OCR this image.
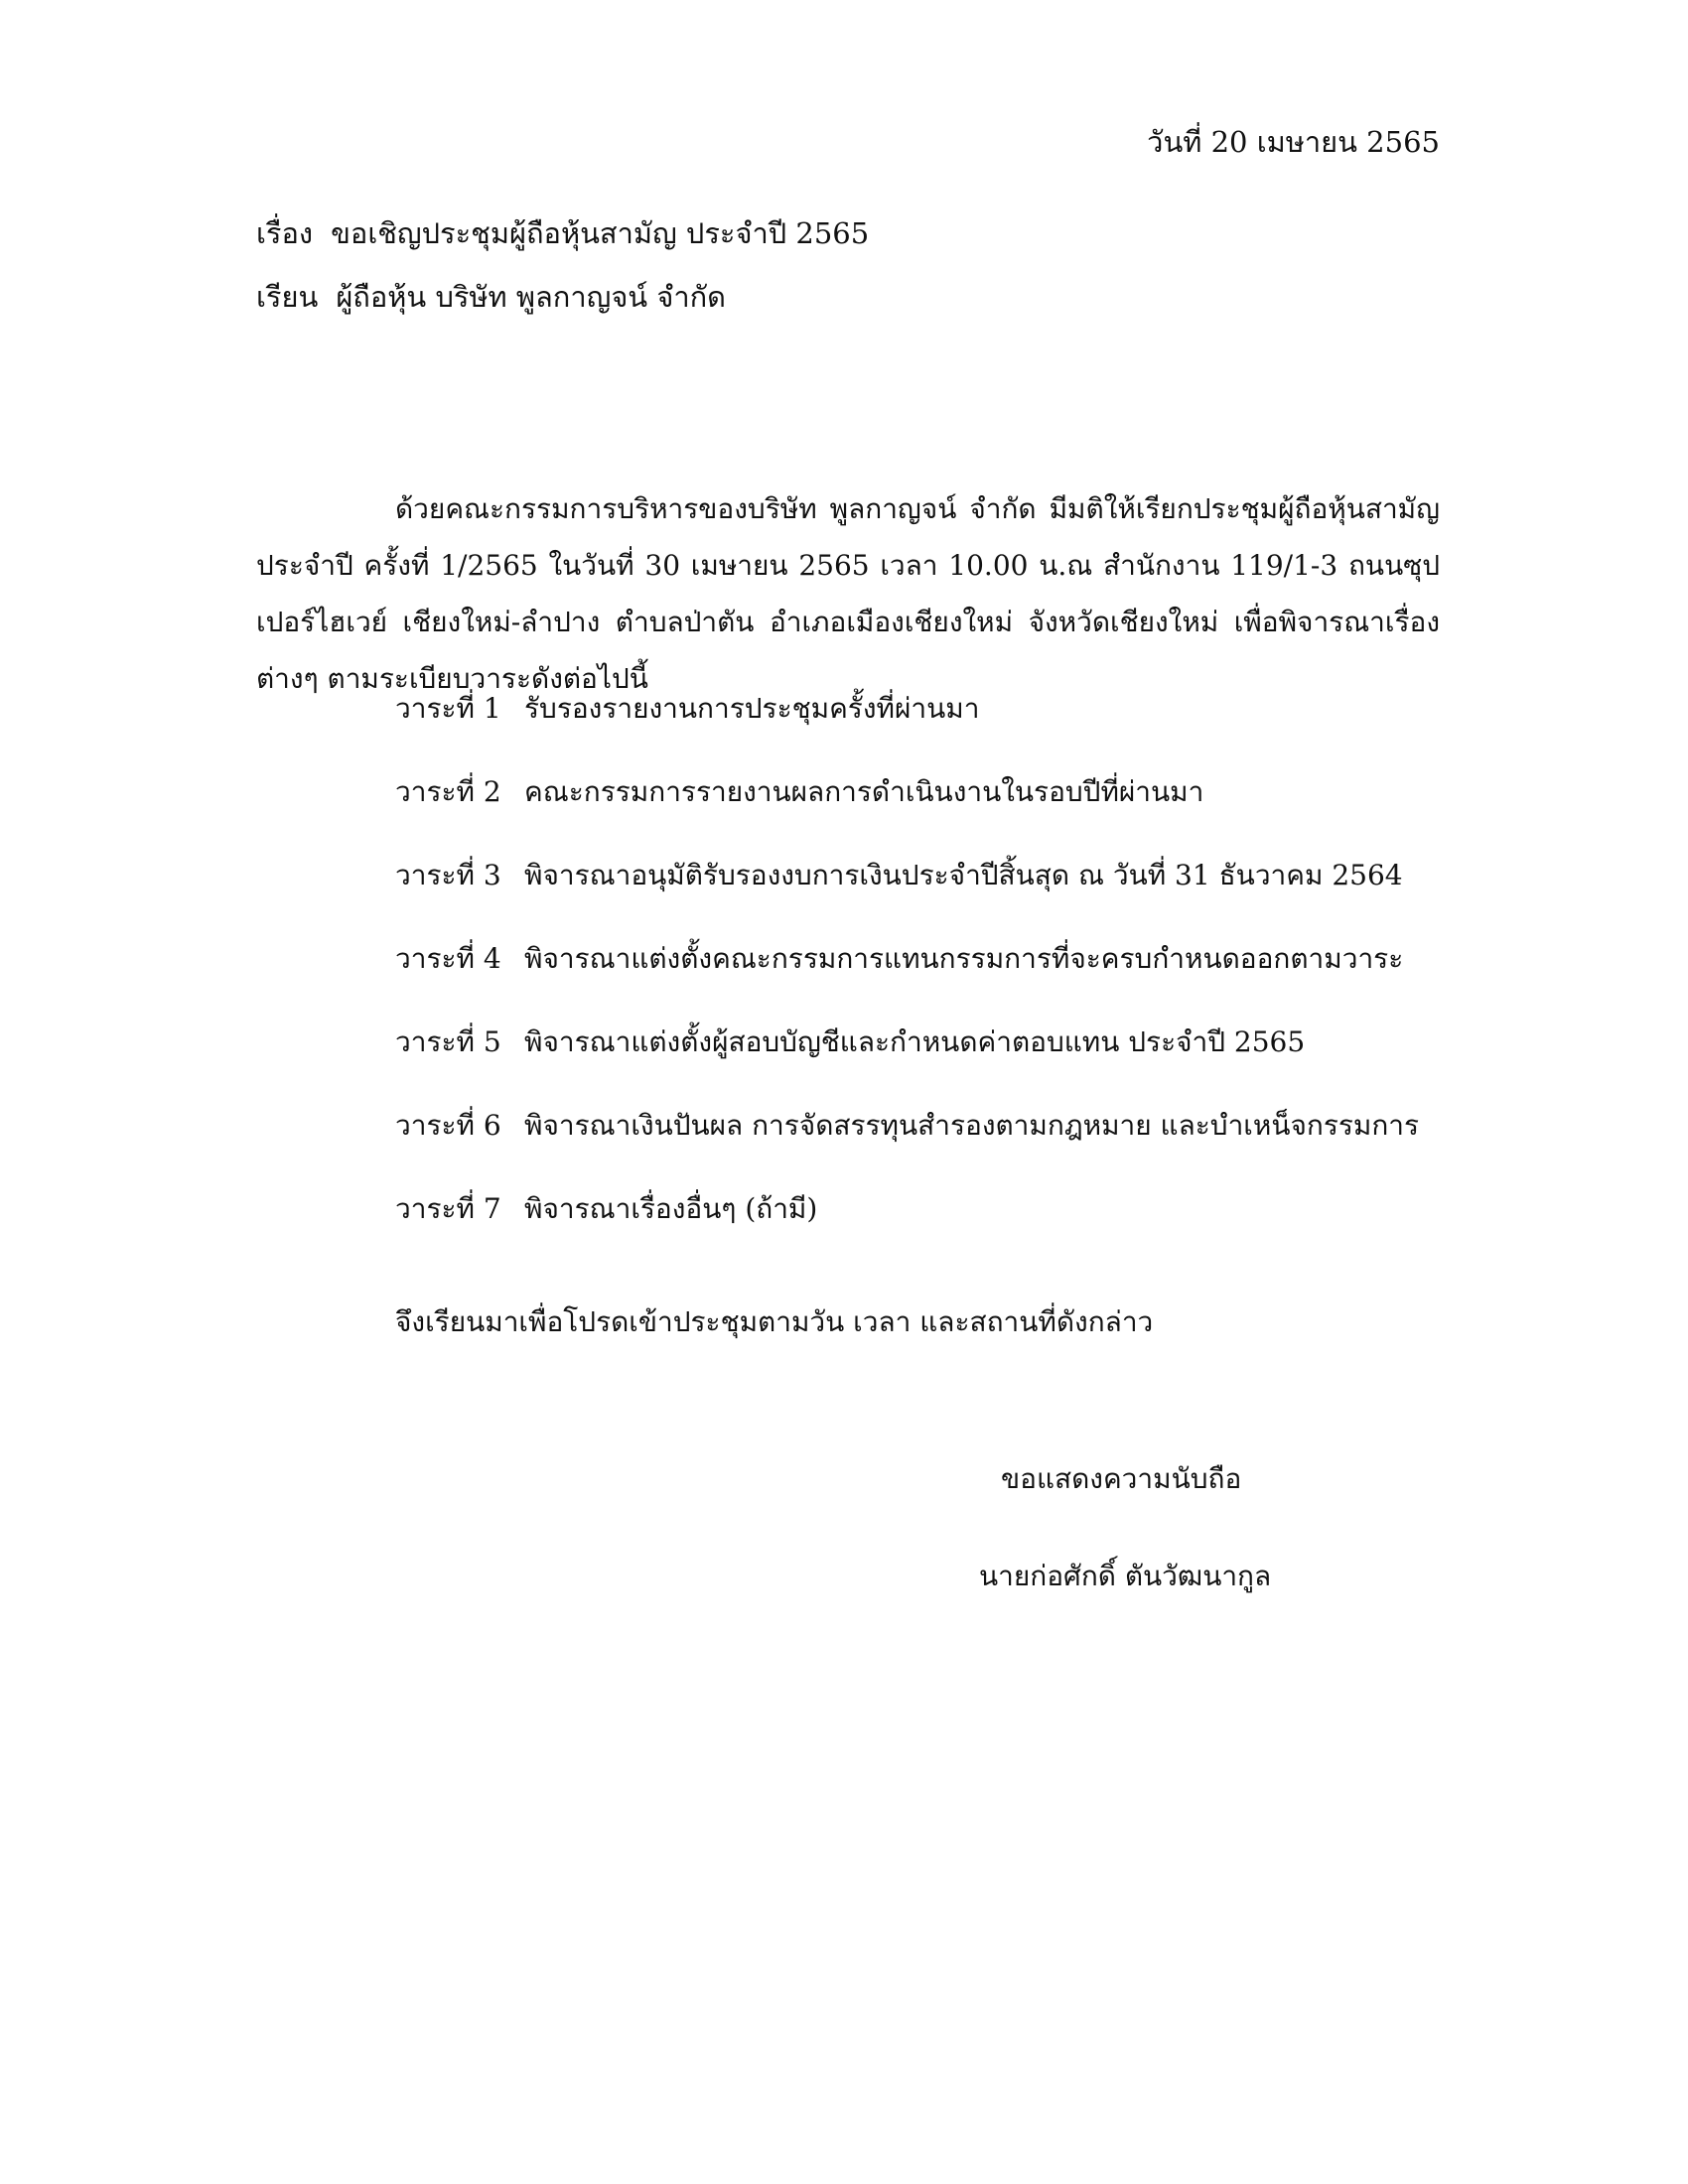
วันที่ 20 เมษายน 2565
เรื่อง ขอเชิญประชุมผู้ถือหุ้นสามัญ ประจำปี 2565
เรียน ผู้ถือหุ้น บริษัท พูลกาญจน์ จำกัด

ด้วยคณะกรรมการบริหารของบริษัท พูลกาญจน์ จำกัด มีมติให้เรียกประชุมผู้ถือหุ้นสามัญประจำปี ครั้งที่ 1/2565 ในวันที่ 30 เมษายน 2565 เวลา 10.00 น.ณ สำนักงาน 119/1-3 ถนนซุปเปอร์ไฮเวย์ เชียงใหม่-ลำปาง ตำบลป่าตัน อำเภอเมืองเชียงใหม่ จังหวัดเชียงใหม่ เพื่อพิจารณาเรื่องต่างๆ ตามระเบียบวาระดังต่อไปนี้

วาระที่ 1 รับรองรายงานการประชุมครั้งที่ผ่านมา
วาระที่ 2 คณะกรรมการรายงานผลการดำเนินงานในรอบปีที่ผ่านมา
วาระที่ 3 พิจารณาอนุมัติรับรองงบการเงินประจำปีสิ้นสุด ณ วันที่ 31 ธันวาคม 2564
วาระที่ 4 พิจารณาแต่งตั้งคณะกรรมการแทนกรรมการที่จะครบกำหนดออกตามวาระ
วาระที่ 5 พิจารณาแต่งตั้งผู้สอบบัญชีและกำหนดค่าตอบแทน ประจำปี 2565
วาระที่ 6 พิจารณาเงินปันผล การจัดสรรทุนสำรองตามกฎหมาย และบำเหน็จกรรมการ
วาระที่ 7 พิจารณาเรื่องอื่นๆ (ถ้ามี)
จึงเรียนมาเพื่อโปรดเข้าประชุมตามวัน เวลา และสถานที่ดังกล่าว
ขอแสดงความนับถือ
นายก่อศักดิ์ ตันวัฒนากูล
